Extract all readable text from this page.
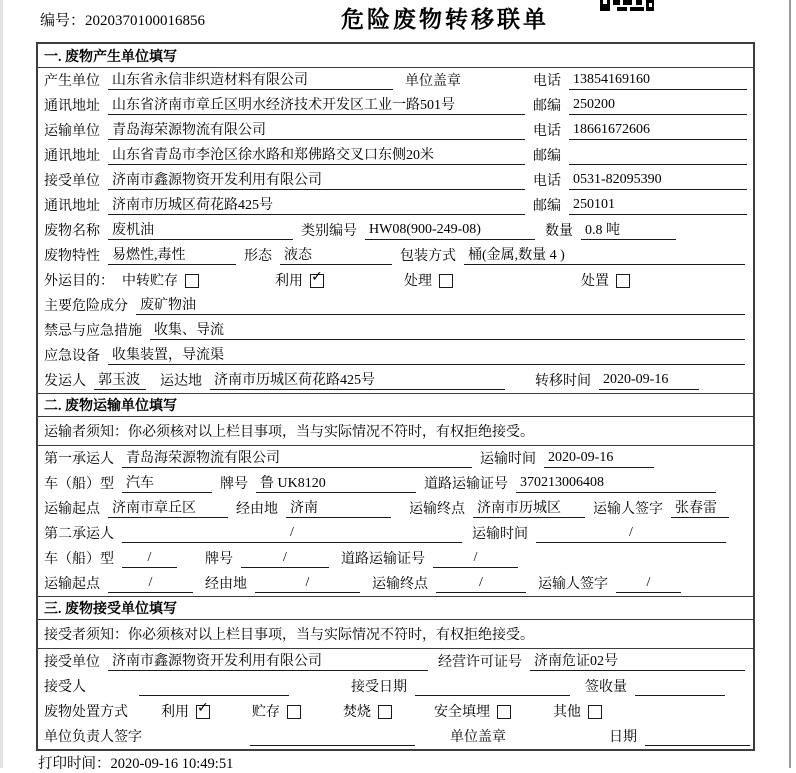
编号：2020370100016856	危险废物转移联单
一. 废物产生单位填写
产生单位 山东省永信非织造材料有限公司	单位盖章	电话 13854169160
通讯地址 山东省济南市章丘区明水经济技术开发区工业一路501号	邮编 250200
运输单位 青岛海荣源物流有限公司	电话 18661672606
通讯地址 山东省青岛市李沧区徐水路和郑佛路交叉口东侧20米	邮编
接受单位 济南市鑫源物资开发利用有限公司	电话 0531-82095390
通讯地址 济南市历城区荷花路425号	邮编 250101
废物名称 废机油	类别编号 HW08(900-249-08)	数量 0.8 吨
废物特性 易燃性,毒性	形态 液态	包装方式 桶(金属,数量 4 )
外运目的： 中转贮存	利用 ✓	处理	处置
主要危险成分 废矿物油
禁忌与应急措施 收集、导流
应急设备 收集装置，导流渠
发运人 郭玉波	运达地 济南市历城区荷花路425号	转移时间 2020-09-16
二. 废物运输单位填写
运输者须知：你必须核对以上栏目事项，当与实际情况不符时，有权拒绝接受。
第一承运人 青岛海荣源物流有限公司	运输时间 2020-09-16
车（船）型 汽车	牌号 鲁 UK8120	道路运输证号 370213006408
运输起点 济南市章丘区	经由地 济南	运输终点 济南市历城区	运输人签字 张春雷
第二承运人	/	运输时间	/
车（船）型	/	牌号	/	道路运输证号	/
运输起点	/	经由地	/	运输终点	/	运输人签字	/
三. 废物接受单位填写
接受者须知：你必须核对以上栏目事项，当与实际情况不符时，有权拒绝接受。
接受单位 济南市鑫源物资开发利用有限公司	经营许可证号 济南危证02号
接受人	接受日期	签收量
废物处置方式 利用 ✓	贮存	焚烧	安全填埋	其他
单位负责人签字	单位盖章	日期
打印时间：2020-09-16 10:49:51
